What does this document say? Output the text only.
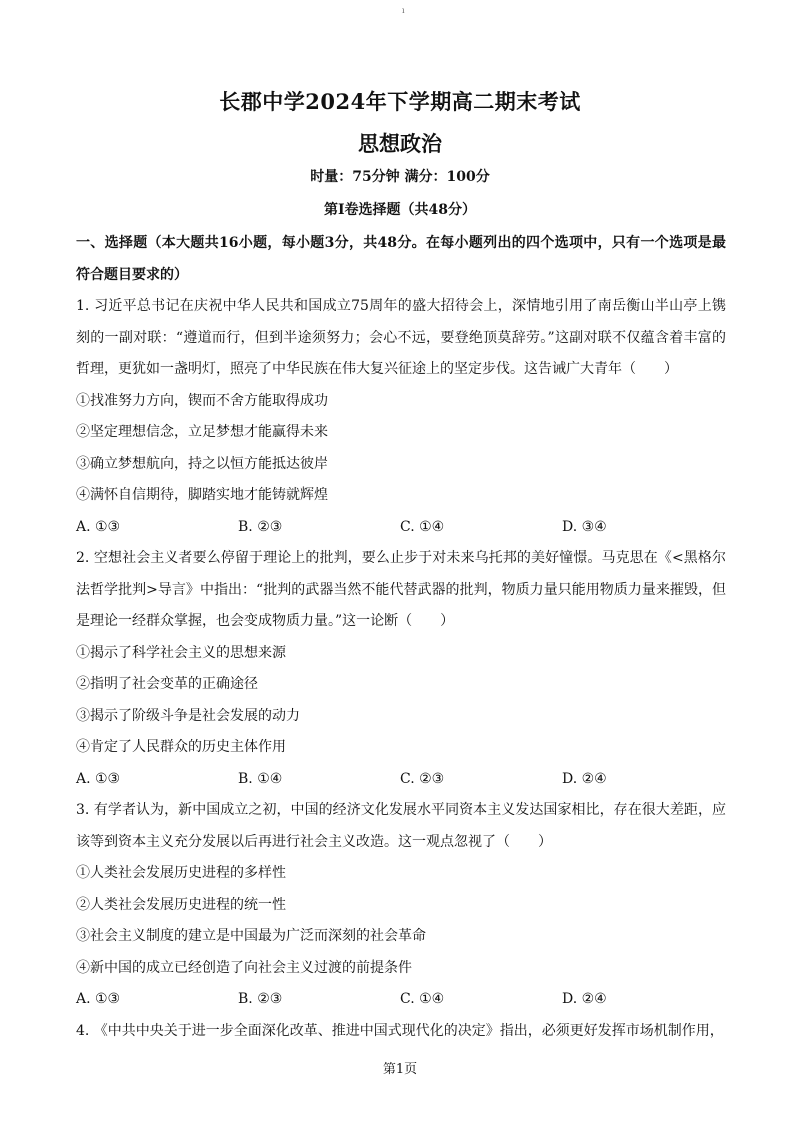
ı
长郡中学2024年下学期高二期末考试
思想政治
时量：75分钟 满分：100分
第Ⅰ卷选择题（共48分）
一、选择题（本大题共16小题，每小题3分，共48分。在每小题列出的四个选项中，只有一个选项是最符合题目要求的）
1. 习近平总书记在庆祝中华人民共和国成立75周年的盛大招待会上，深情地引用了南岳衡山半山亭上镌刻的一副对联：“遵道而行，但到半途须努力；会心不远，要登绝顶莫辞劳。”这副对联不仅蕴含着丰富的哲理，更犹如一盏明灯，照亮了中华民族在伟大复兴征途上的坚定步伐。这告诫广大青年（　　）
①找准努力方向，锲而不舍方能取得成功
②坚定理想信念，立足梦想才能赢得未来
③确立梦想航向，持之以恒方能抵达彼岸
④满怀自信期待，脚踏实地才能铸就辉煌
A. ①③	B. ②③	C. ①④	D. ③④
2. 空想社会主义者要么停留于理论上的批判，要么止步于对未来乌托邦的美好憧憬。马克思在《<黑格尔法哲学批判>导言》中指出：“批判的武器当然不能代替武器的批判，物质力量只能用物质力量来摧毁，但是理论一经群众掌握，也会变成物质力量。”这一论断（　　）
①揭示了科学社会主义的思想来源
②指明了社会变革的正确途径
③揭示了阶级斗争是社会发展的动力
④肯定了人民群众的历史主体作用
A. ①③	B. ①④	C. ②③	D. ②④
3. 有学者认为，新中国成立之初，中国的经济文化发展水平同资本主义发达国家相比，存在很大差距，应该等到资本主义充分发展以后再进行社会主义改造。这一观点忽视了（　　）
①人类社会发展历史进程的多样性
②人类社会发展历史进程的统一性
③社会主义制度的建立是中国最为广泛而深刻的社会革命
④新中国的成立已经创造了向社会主义过渡的前提条件
A. ①③	B. ②③	C. ①④	D. ②④
4. 《中共中央关于进一步全面深化改革、推进中国式现代化的决定》指出，必须更好发挥市场机制作用，
第1页
